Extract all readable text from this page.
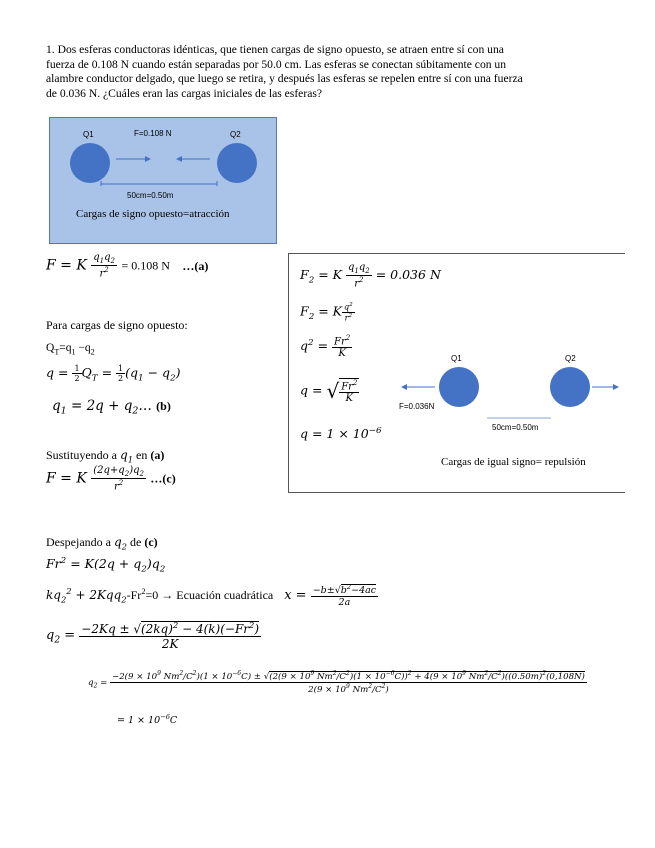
1. Dos esferas conductoras idénticas, que tienen cargas de signo opuesto, se atraen entre sí con una
fuerza de 0.108 N cuando están separadas por 50.0 cm. Las esferas se conectan súbitamente con un
alambre conductor delgado, que luego se retira, y después las esferas se repelen entre sí con una fuerza
de 0.036 N. ¿Cuáles eran las cargas iniciales de las esferas?
Q1	F=0.108 N	Q2
50cm=0.50m
Cargas de signo opuesto=atracción
F = K $\frac{q_1q_2}{r^2} = 0.108$ N …(a)
Para cargas de signo opuesto:
$Q_T=q_1 -q_2$
$q = \frac{1}{2} Q_T = \frac{1}{2} (q_1 - q_2)$
$q_1 = 2q$ + $q_2\dots$ (b)
Sustituyendo a $q_1$ en (a)
F = K $\frac{(2q+q_2)q_2}{r^2}$ …(c)
$F_2 = K \frac{q_1q_2}{r^2} = 0.036$ N
$F_2 = K \frac{q^2}{r^2}$
$q^2 = \frac{Fr^2}{K}$
q = √ $\frac{Fr^2}{K}$
$q = 1 \times 10^{-6}$
Q1	Q2
F=0.036N
50cm=0.50m
Cargas de igual signo= repulsión
Despejando a $q_2$ de (c)
$Fr^2 = K(2q + q_2)q_2$
$kq_2^2 + 2Kqq_2-Fr^2=0$ → Ecuación cuadrática $x = \frac{-b\pm√b^2-4ac}{2a}$
$q_2 = \frac{-2Kq \pm √(2kq)^2 - 4(k)(-Fr^2)}{2K}$
$q_2$ =
$-2(9 \times 10^9$ $Nm^2/C^2)(1 \times 10^{-6}C) \pm √(2(9 \times 10^9$ $Nm^2/C^2)(1 \times 10^{-6}C))^2 + 4(9 \times 10^9$ $Nm^2/C^2)((0.50m)^2(0,108N)$
$2(9 \times 10^9$ $Nm^2/C^2$)
= $1 \times 10^{-6}C$
